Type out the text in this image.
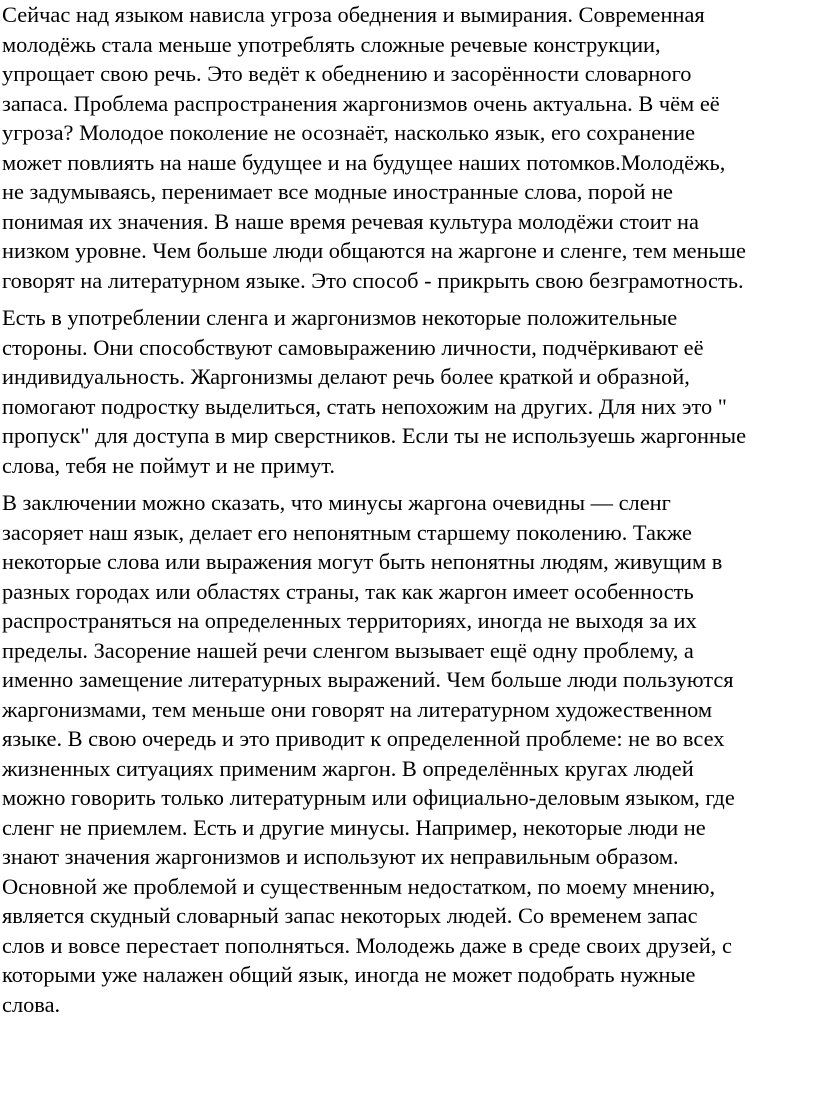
Сейчас над языком нависла угроза обеднения и вымирания. Современная
молодёжь стала меньше употреблять сложные речевые конструкции,
упрощает свою речь. Это ведёт к обеднению и засорённости словарного
запаса. Проблема распространения жаргонизмов очень актуальна. В чём её
угроза? Молодое поколение не осознаёт, насколько язык, его сохранение
может повлиять на наше будущее и на будущее наших потомков.Молодёжь,
не задумываясь, перенимает все модные иностранные слова, порой не
понимая их значения. В наше время речевая культура молодёжи стоит на
низком уровне. Чем больше люди общаются на жаргоне и сленге, тем меньше
говорят на литературном языке. Это способ - прикрыть свою безграмотность.

Есть в употреблении сленга и жаргонизмов некоторые положительные
стороны. Они способствуют самовыражению личности, подчёркивают её
индивидуальность. Жаргонизмы делают речь более краткой и образной,
помогают подростку выделиться, стать непохожим на других. Для них это "
пропуск" для доступа в мир сверстников. Если ты не используешь жаргонные
слова, тебя не поймут и не примут.

В заключении можно сказать, что минусы жаргона очевидны — сленг
засоряет наш язык, делает его непонятным старшему поколению. Также
некоторые слова или выражения могут быть непонятны людям, живущим в
разных городах или областях страны, так как жаргон имеет особенность
распространяться на определенных территориях, иногда не выходя за их
пределы. Засорение нашей речи сленгом вызывает ещё одну проблему, а
именно замещение литературных выражений. Чем больше люди пользуются
жаргонизмами, тем меньше они говорят на литературном художественном
языке. В свою очередь и это приводит к определенной проблеме: не во всех
жизненных ситуациях применим жаргон. В определённых кругах людей
можно говорить только литературным или официально-деловым языком, где
сленг не приемлем. Есть и другие минусы. Например, некоторые люди не
знают значения жаргонизмов и используют их неправильным образом.
Основной же проблемой и существенным недостатком, по моему мнению,
является скудный словарный запас некоторых людей. Со временем запас
слов и вовсе перестает пополняться. Молодежь даже в среде своих друзей, с
которыми уже налажен общий язык, иногда не может подобрать нужные
слова.
